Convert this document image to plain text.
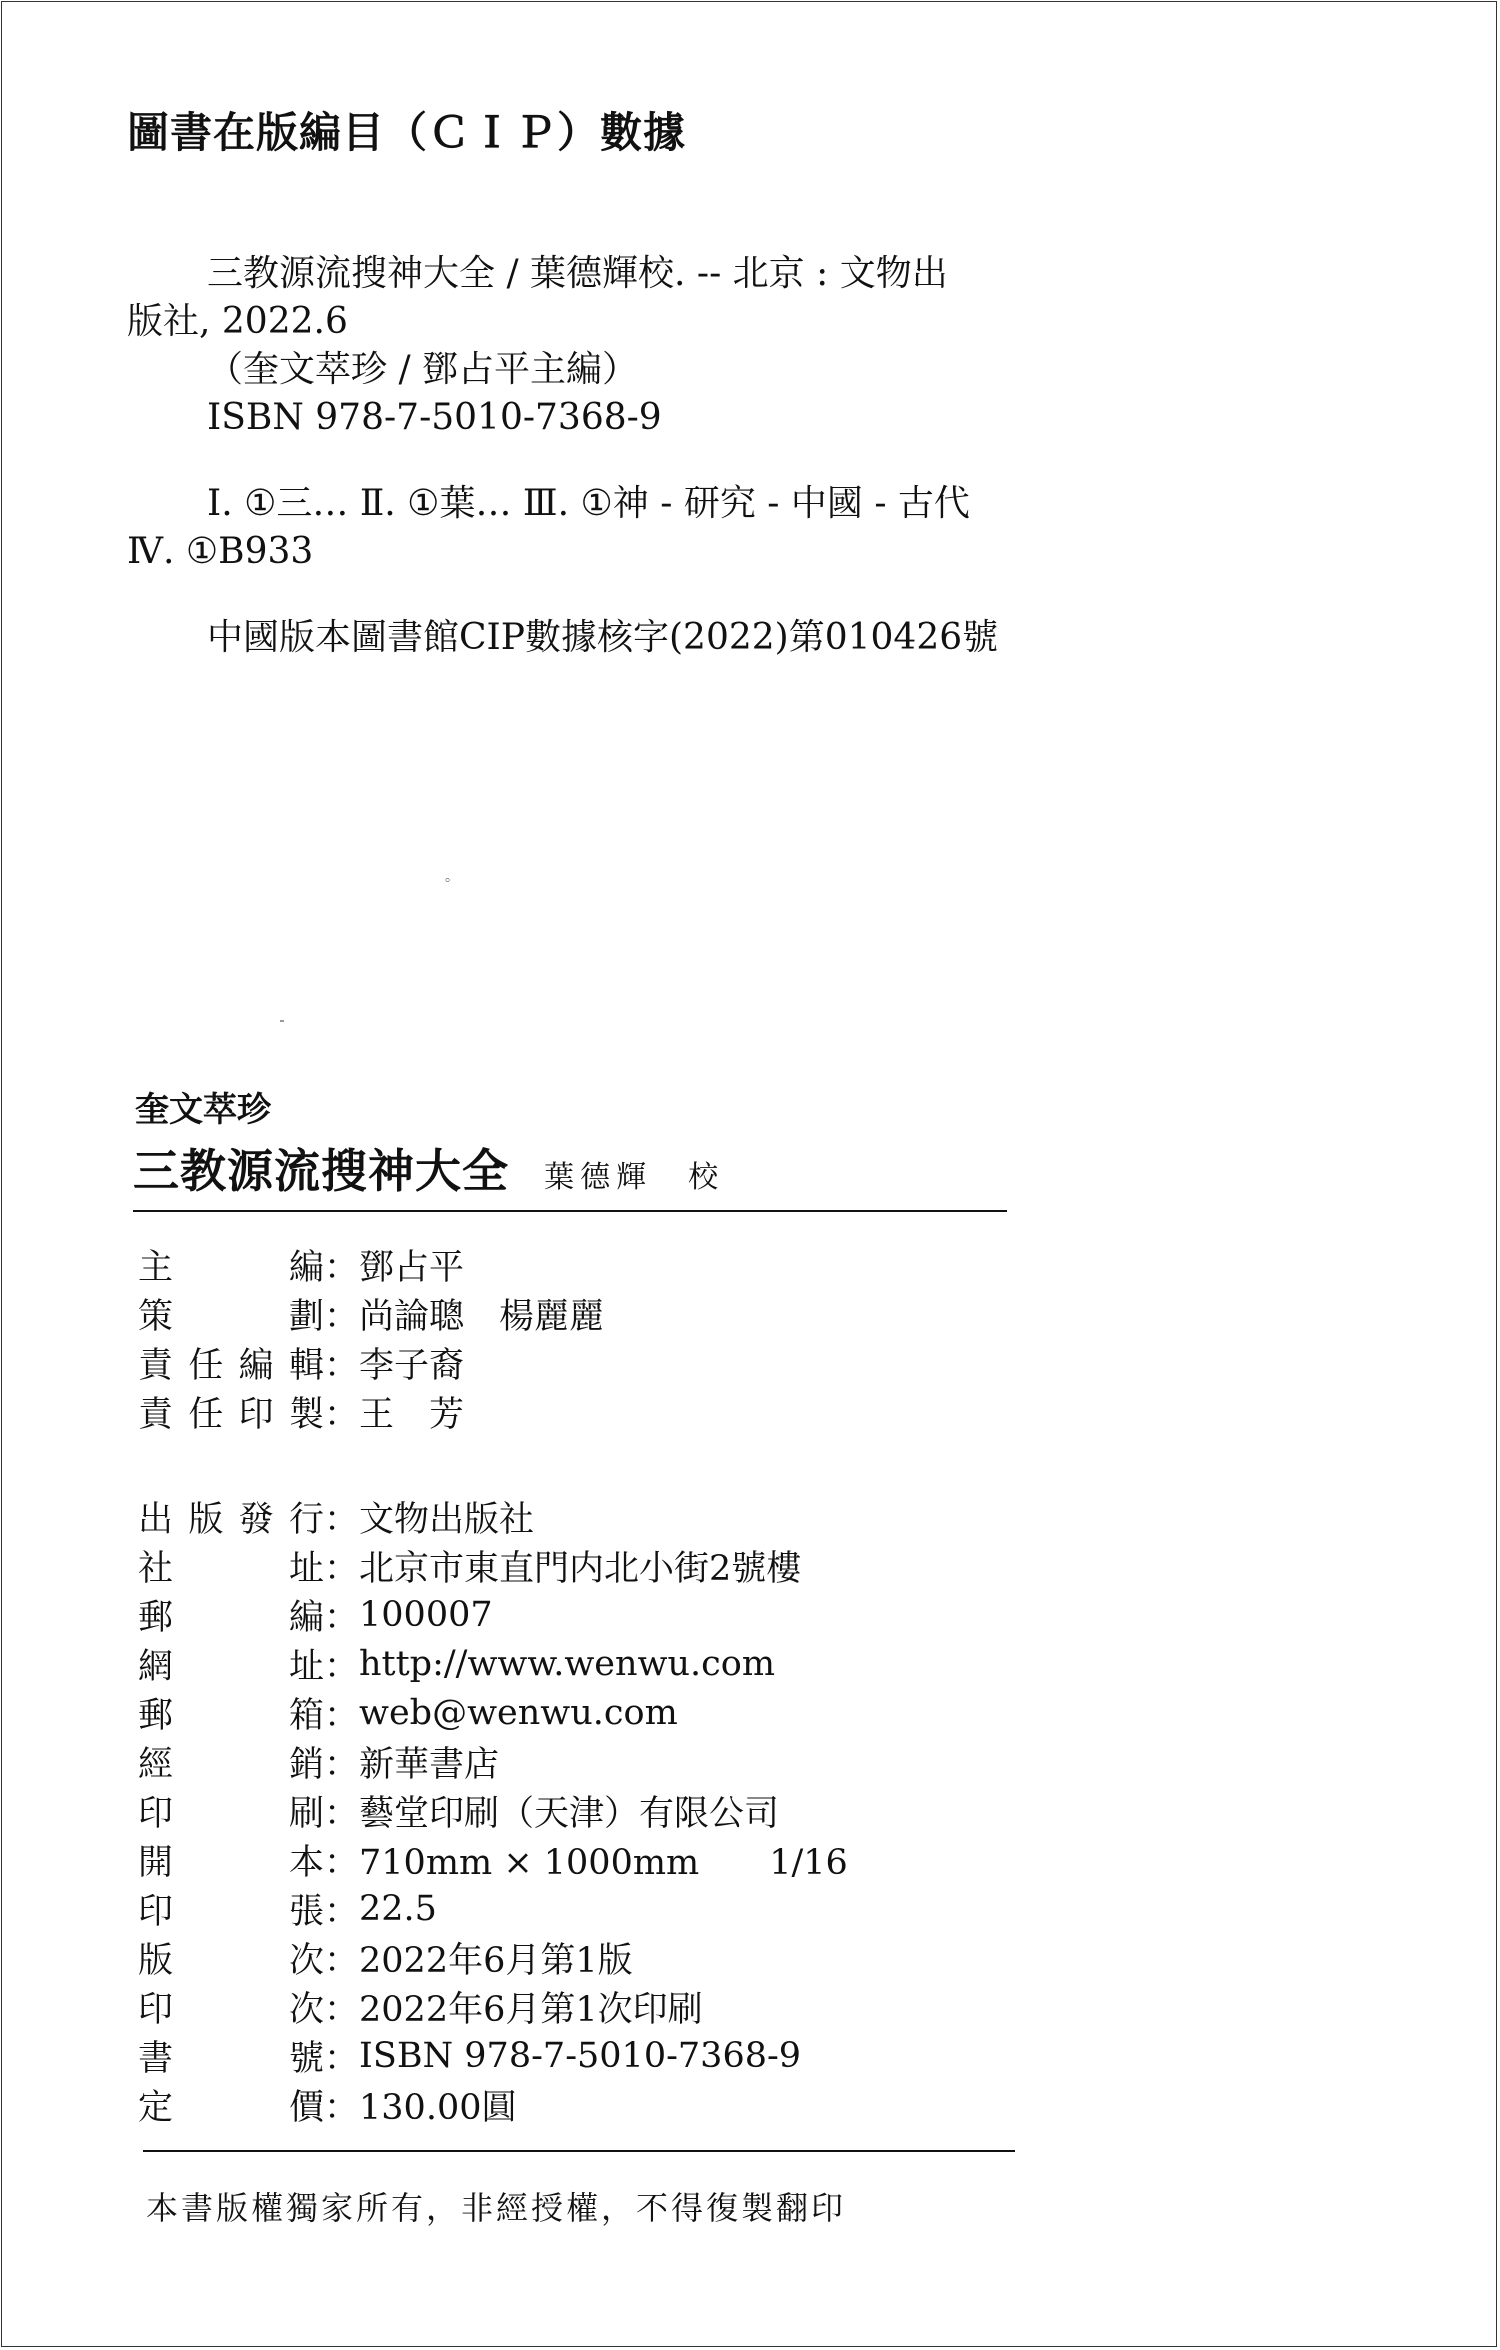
圖書在版編目（ＣＩＰ）數據
三教源流搜神大全 / 葉德輝校. -- 北京 : 文物出
版社, 2022.6
（奎文萃珍 / 鄧占平主編）
ISBN 978-7-5010-7368-9
Ⅰ. ①三… Ⅱ. ①葉… Ⅲ. ①神 - 研究 - 中國 - 古代
Ⅳ. ①B933
中國版本圖書館CIP數據核字(2022)第010426號
。
奎文萃珍
三教源流搜神大全 葉德輝　校
主	編 ： 鄧占平
策	劃 ： 尚論聰　楊麗麗
責 任 編 輯 ： 李子裔
責 任 印 製 ： 王　芳
出 版 發 行 ： 文物出版社
社	址 ： 北京市東直門内北小街2號樓
郵	編 ： 100007
網	址 ： http://www.wenwu.com
郵	箱 ： web@wenwu.com
經	銷 ： 新華書店
印	刷 ： 藝堂印刷（天津）有限公司
開	本 ： 710mm × 1000mm　　1/16
印	張 ： 22.5
版	次 ： 2022年6月第1版
印	次 ： 2022年6月第1次印刷
書	號 ： ISBN 978-7-5010-7368-9
定	價 ： 130.00圓
本書版權獨家所有，非經授權，不得復製翻印
